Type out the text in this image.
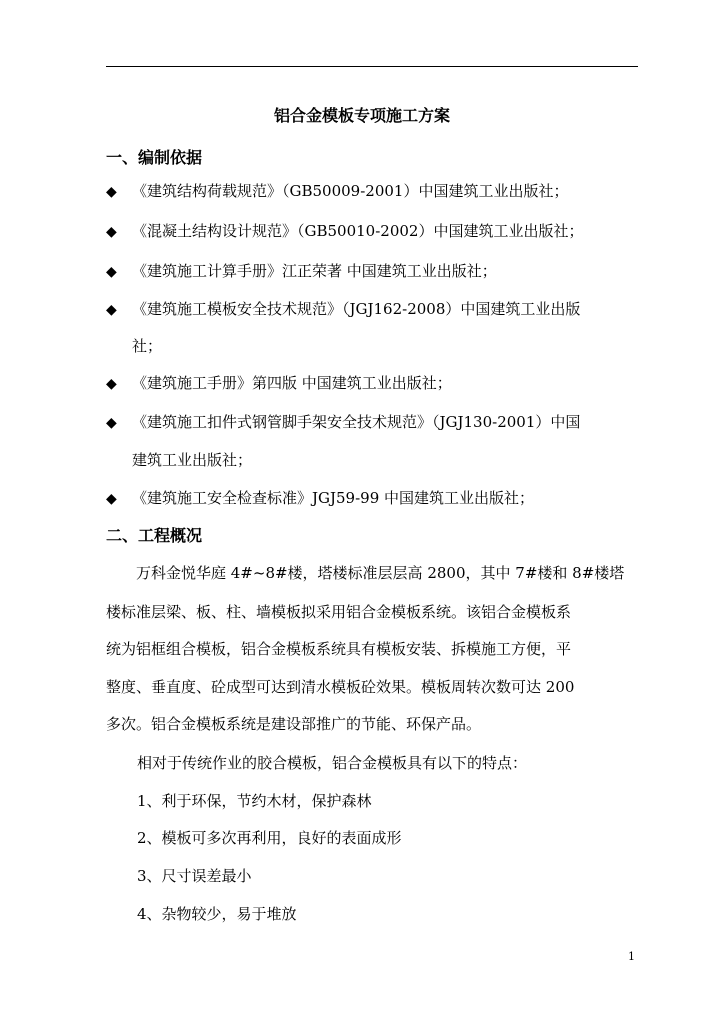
铝合金模板专项施工方案
一、编制依据
◆ 《建筑结构荷载规范》（GB50009-2001）中国建筑工业出版社；
◆ 《混凝土结构设计规范》（GB50010-2002）中国建筑工业出版社；
◆ 《建筑施工计算手册》江正荣著 中国建筑工业出版社；
◆ 《建筑施工模板安全技术规范》（JGJ162-2008）中国建筑工业出版
社；
◆ 《建筑施工手册》第四版 中国建筑工业出版社；
◆ 《建筑施工扣件式钢管脚手架安全技术规范》（JGJ130-2001）中国
建筑工业出版社；
◆ 《建筑施工安全检查标准》JGJ59-99 中国建筑工业出版社；
二、工程概况
万科金悦华庭 4#~8#楼，塔楼标准层层高 2800，其中 7#楼和 8#楼塔
楼标准层梁、板、柱、墙模板拟采用铝合金模板系统。该铝合金模板系
统为铝框组合模板，铝合金模板系统具有模板安装、拆模施工方便，平
整度、垂直度、砼成型可达到清水模板砼效果。模板周转次数可达 200
多次。铝合金模板系统是建设部推广的节能、环保产品。
相对于传统作业的胶合模板，铝合金模板具有以下的特点：
1、利于环保，节约木材，保护森林
2、模板可多次再利用，良好的表面成形
3、尺寸误差最小
4、杂物较少，易于堆放
1
